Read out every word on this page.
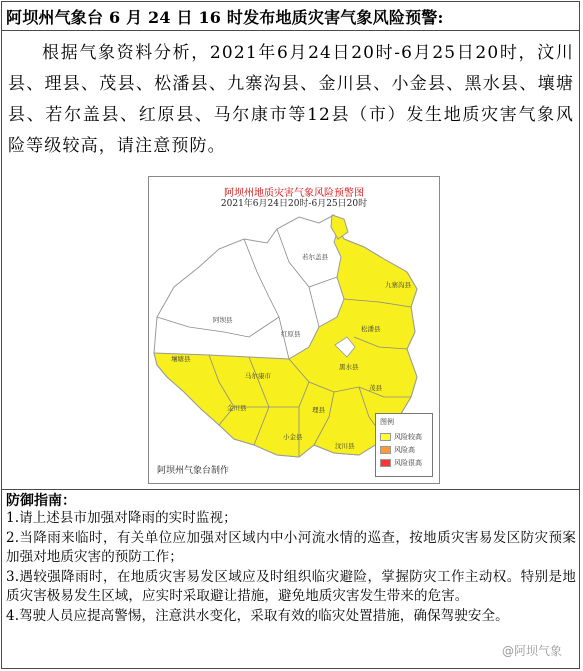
阿坝州气象台 6 月 24 日 16 时发布地质灾害气象风险预警:
根据气象资料分析，2021年6月24日20时-6月25日20时，汶川县、理县、茂县、松潘县、九寨沟县、金川县、小金县、黑水县、壤塘县、若尔盖县、红原县、马尔康市等12县（市）发生地质灾害气象风险等级较高，请注意预防。
阿坝州地质灾害气象风险预警图
2021年6月24日20时-6月25日20时
若尔盖县
九寨沟县
阿坝县
红原县
松潘县
壤塘县
马尔康市
黑水县
茂县
金川县	理县
小金县
汶川县
阿坝州气象台制作
图例
风险较高
风险高
风险很高
防御指南：

1.请上述县市加强对降雨的实时监视；

2.当降雨来临时，有关单位应加强对区域内中小河流水情的巡查，按地质灾害易发区防灾预案加强对地质灾害的预防工作；

3.遇较强降雨时，在地质灾害易发区域应及时组织临灾避险，掌握防灾工作主动权。特别是地质灾害极易发生区域，应实时采取避让措施，避免地质灾害发生带来的危害。

4.驾驶人员应提高警惕，注意洪水变化，采取有效的临灾处置措施，确保驾驶安全。

@阿坝气象
